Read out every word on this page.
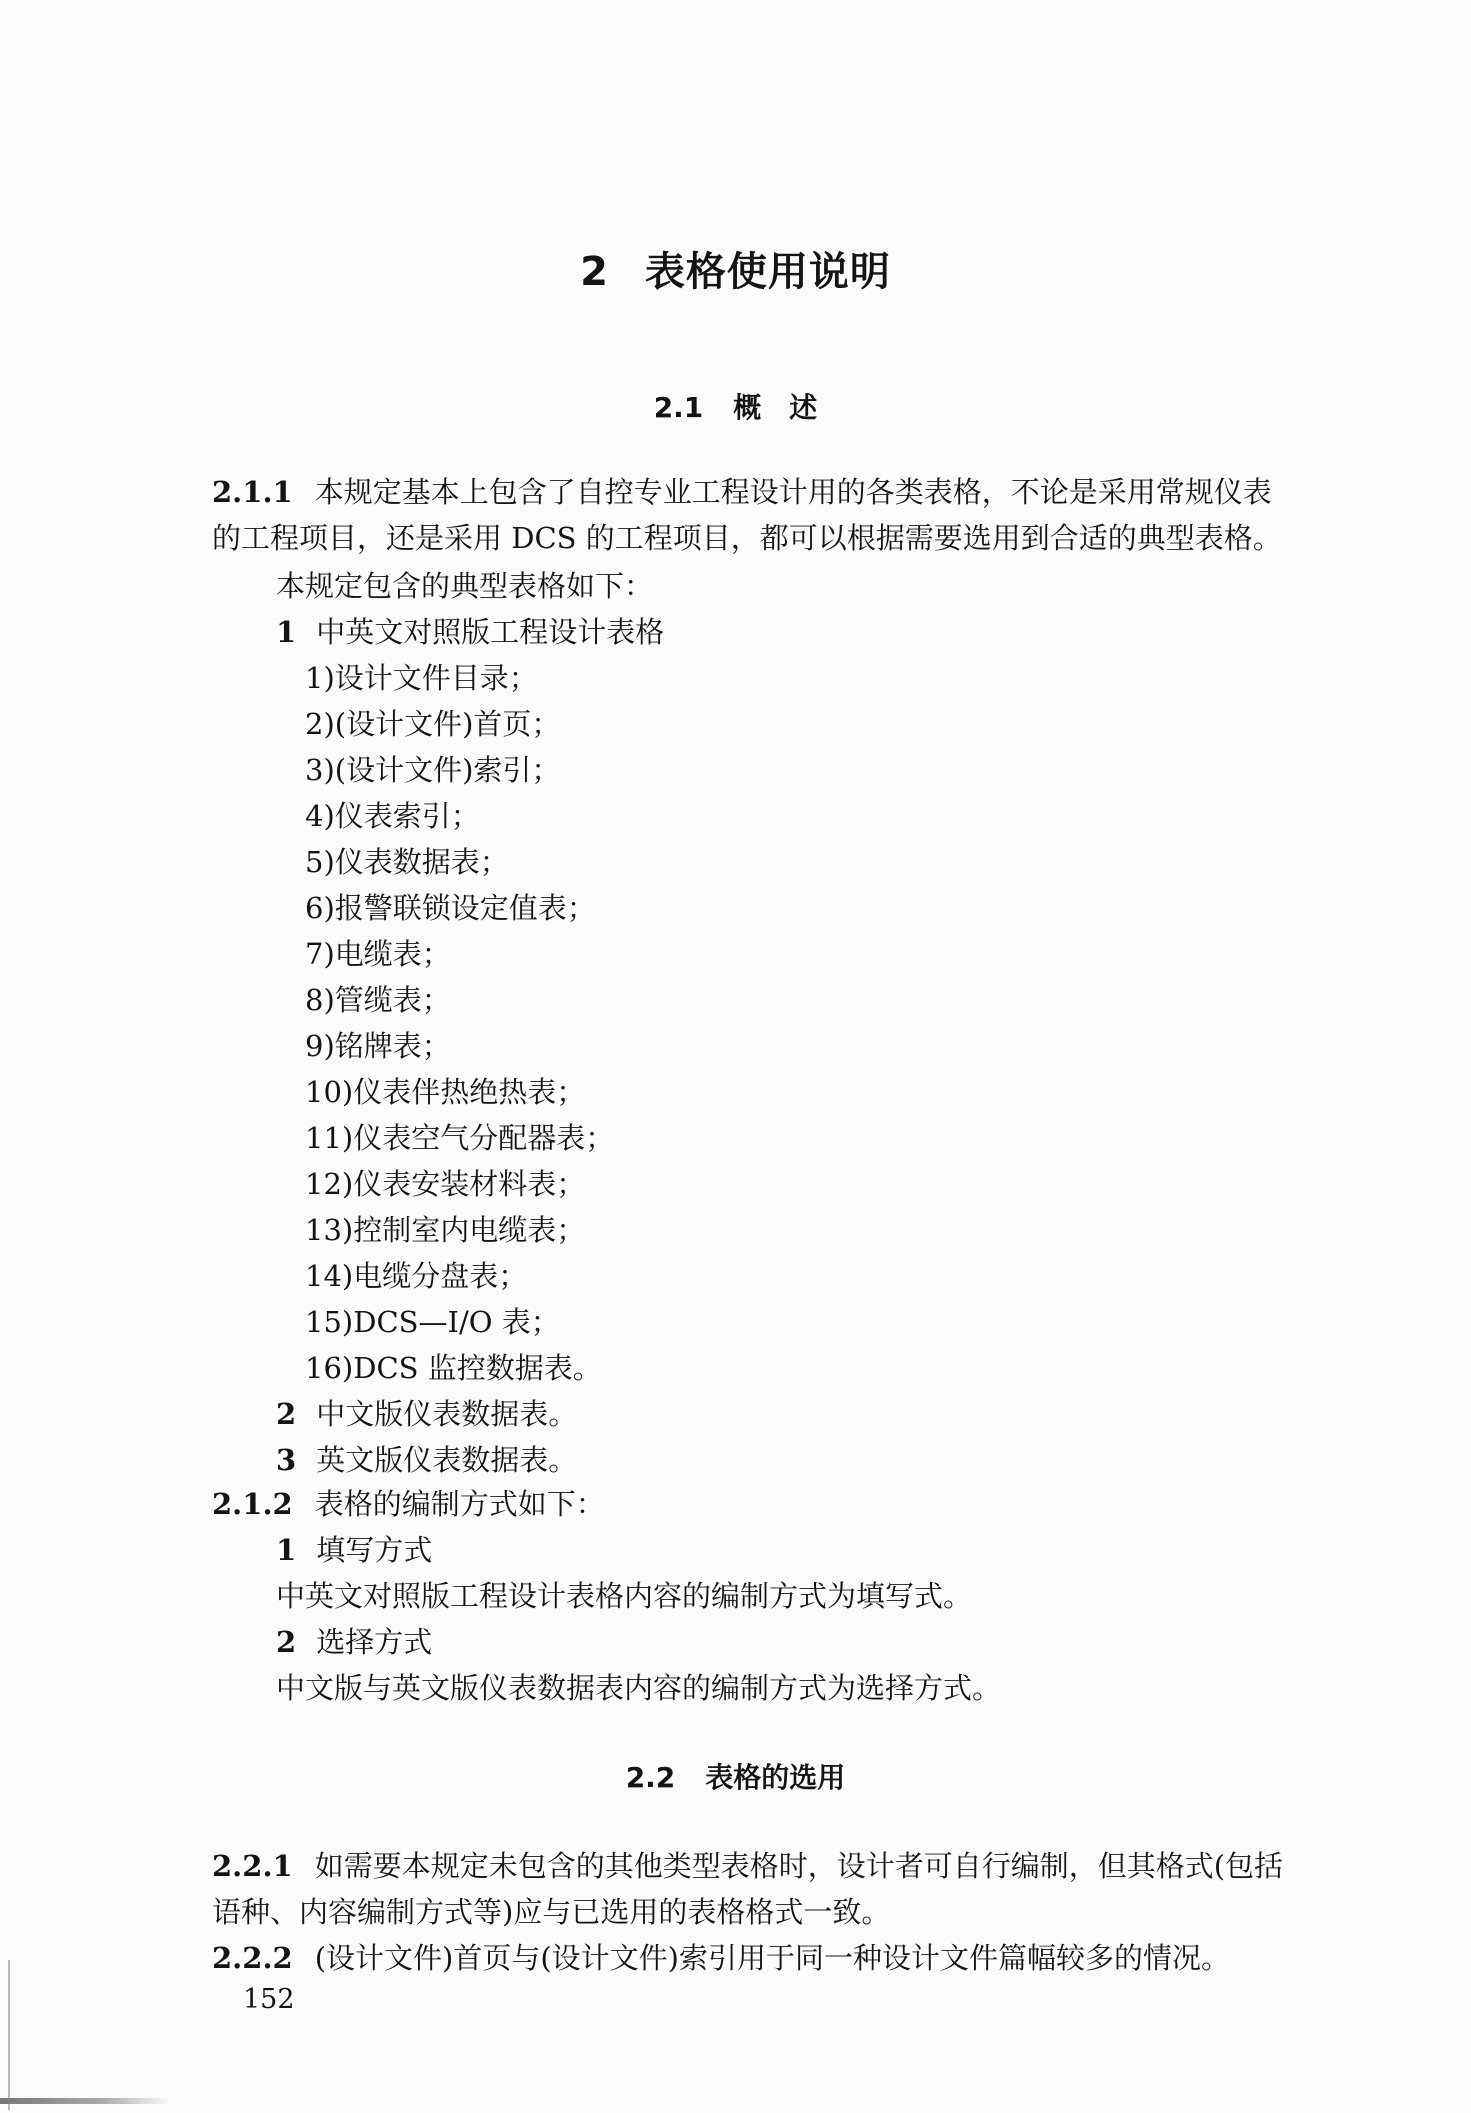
2 表格使用说明
2.1 概　述
2.1.1 本规定基本上包含了自控专业工程设计用的各类表格，不论是采用常规仪表
的工程项目，还是采用 DCS 的工程项目，都可以根据需要选用到合适的典型表格。
本规定包含的典型表格如下：
1 中英文对照版工程设计表格
1)设计文件目录；
2)(设计文件)首页；
3)(设计文件)索引；
4)仪表索引；
5)仪表数据表；
6)报警联锁设定值表；
7)电缆表；
8)管缆表；
9)铭牌表；
10)仪表伴热绝热表；
11)仪表空气分配器表；
12)仪表安装材料表；
13)控制室内电缆表；
14)电缆分盘表；
15)DCS—I/O 表；
16)DCS 监控数据表。
2 中文版仪表数据表。
3 英文版仪表数据表。
2.1.2 表格的编制方式如下：
1 填写方式
中英文对照版工程设计表格内容的编制方式为填写式。
2 选择方式
中文版与英文版仪表数据表内容的编制方式为选择方式。
2.2 表格的选用
2.2.1 如需要本规定未包含的其他类型表格时，设计者可自行编制，但其格式(包括
语种、内容编制方式等)应与已选用的表格格式一致。
2.2.2 (设计文件)首页与(设计文件)索引用于同一种设计文件篇幅较多的情况。
152
